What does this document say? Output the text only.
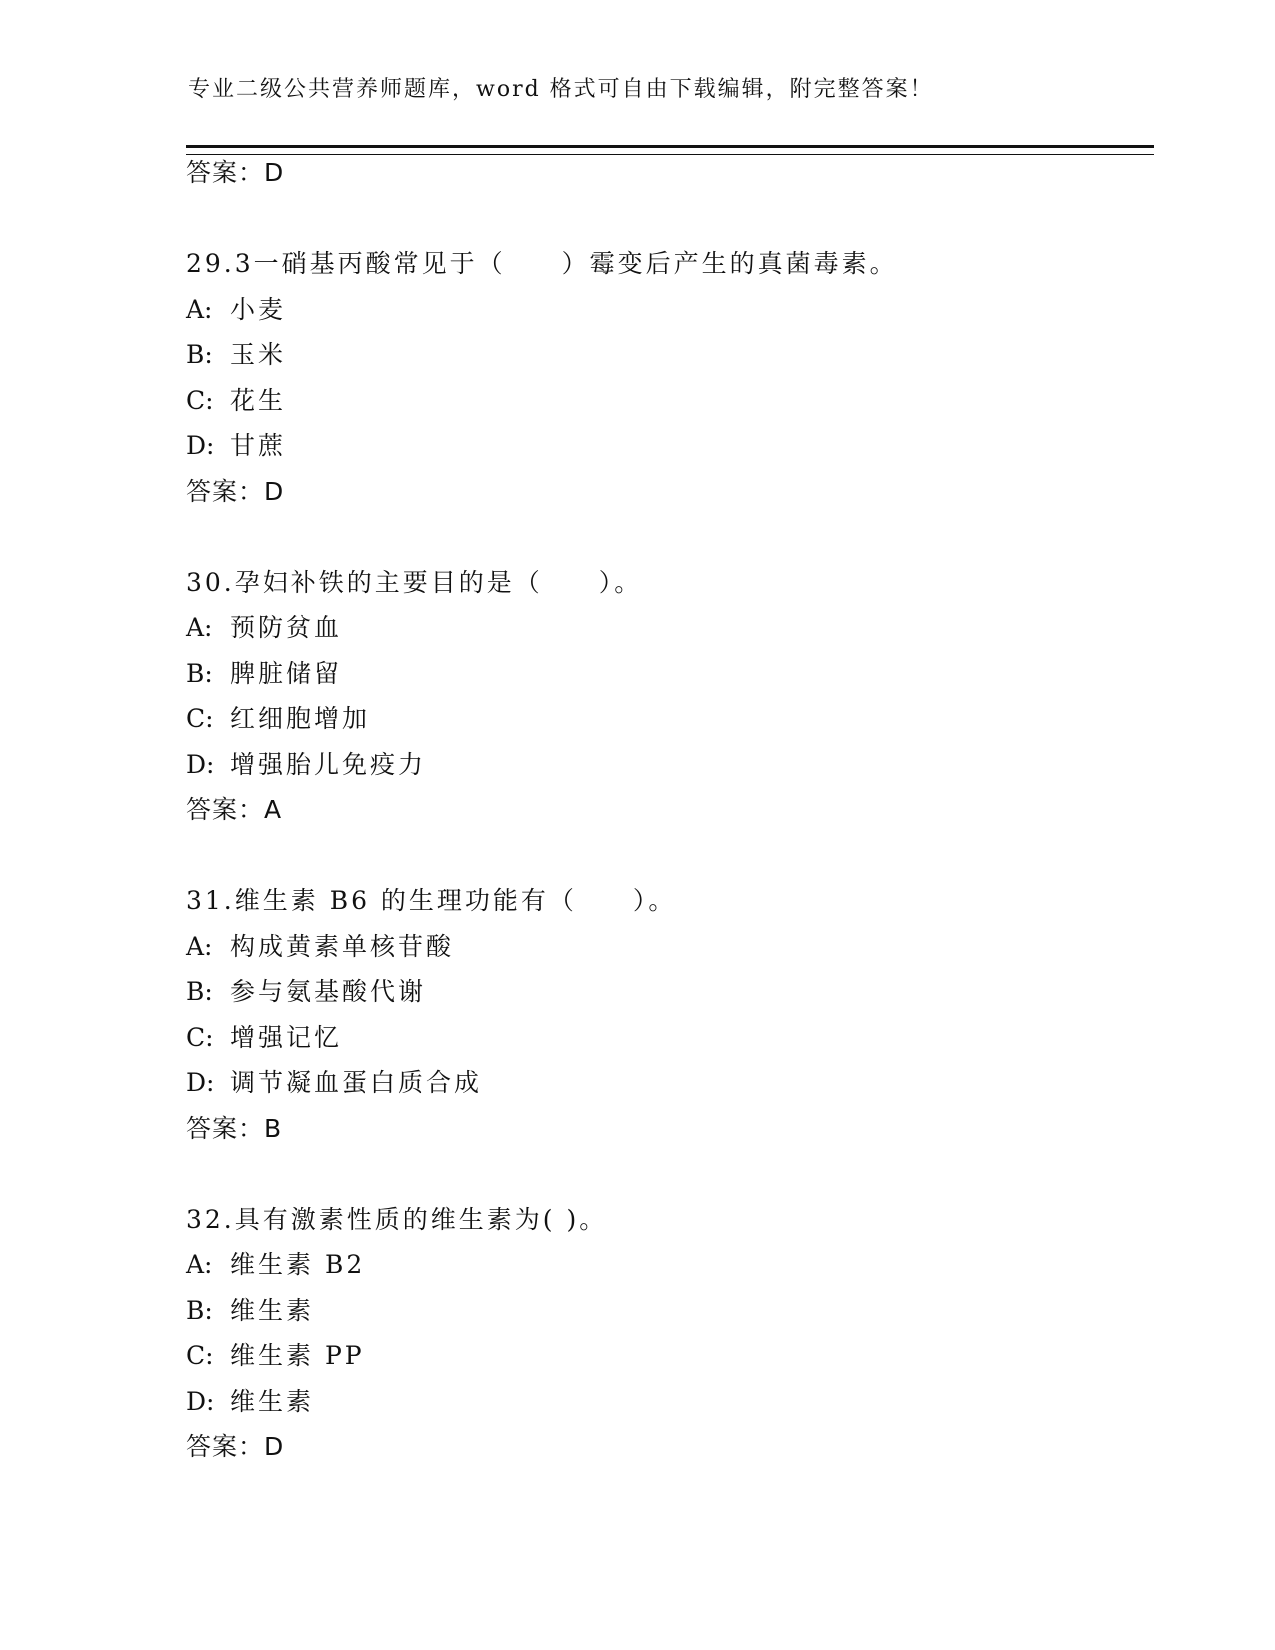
专业二级公共营养师题库，word 格式可自由下载编辑，附完整答案！
答案：D
29.3一硝基丙酸常见于（　　）霉变后产生的真菌毒素。
A: 小麦
B: 玉米
C: 花生
D: 甘蔗
答案：D
30.孕妇补铁的主要目的是（　　）。
A: 预防贫血
B: 脾脏储留
C: 红细胞增加
D: 增强胎儿免疫力
答案：A
31.维生素 B6 的生理功能有（　　）。
A: 构成黄素单核苷酸
B: 参与氨基酸代谢
C: 增强记忆
D: 调节凝血蛋白质合成
答案：B
32.具有激素性质的维生素为( )。
A: 维生素 B2
B: 维生素
C: 维生素 PP
D: 维生素
答案：D
